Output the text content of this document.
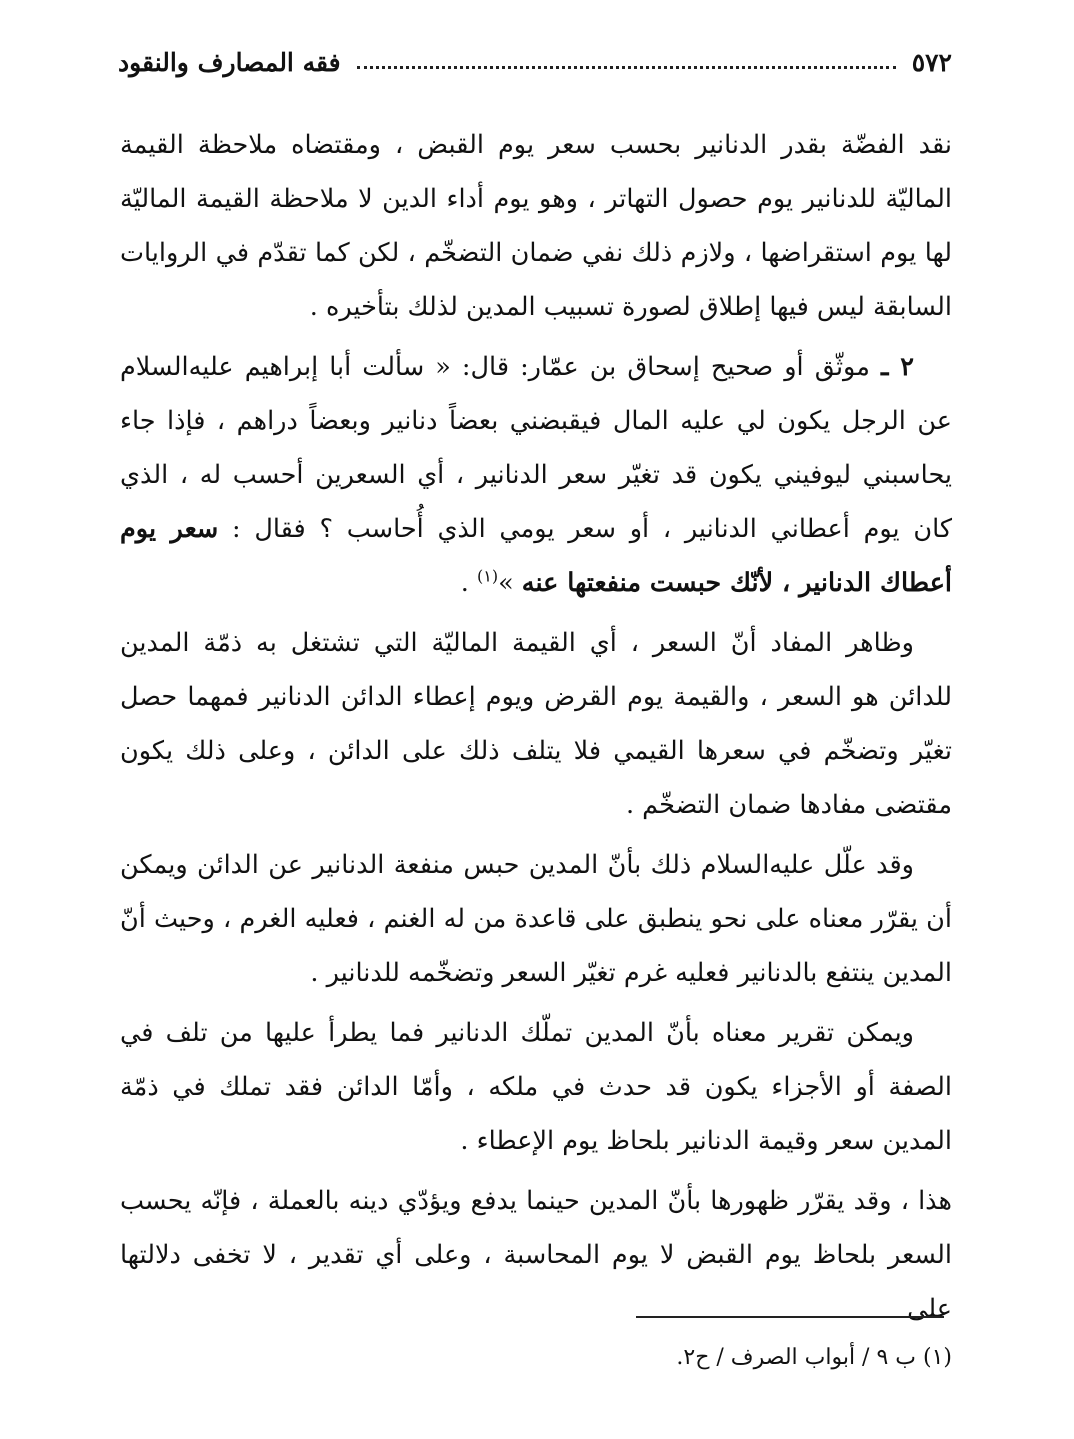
٥٧٢
فقه المصارف والنقود

نقد الفضّة بقدر الدنانير بحسب سعر يوم القبض ، ومقتضاه ملاحظة القيمة الماليّة للدنانير يوم حصول التهاتر ، وهو يوم أداء الدين لا ملاحظة القيمة الماليّة لها يوم استقراضها ، ولازم ذلك نفي ضمان التضخّم ، لكن كما تقدّم في الروايات السابقة ليس فيها إطلاق لصورة تسبيب المدين لذلك بتأخيره .

٢ ـ موثّق أو صحيح إسحاق بن عمّار: قال: « سألت أبا إبراهيم عليه‌السلام عن الرجل يكون لي عليه المال فيقبضني بعضاً دنانير وبعضاً دراهم ، فإذا جاء يحاسبني ليوفيني يكون قد تغيّر سعر الدنانير ، أي السعرين أحسب له ، الذي كان يوم أعطاني الدنانير ، أو سعر يومي الذي أُحاسب ؟ فقال : سعر يوم أعطاك الدنانير ، لأنّك حبست منفعتها عنه »$^{(١)}$ .

وظاهر المفاد أنّ السعر ، أي القيمة الماليّة التي تشتغل به ذمّة المدين للدائن هو السعر ، والقيمة يوم القرض ويوم إعطاء الدائن الدنانير فمهما حصل تغيّر وتضخّم في سعرها القيمي فلا يتلف ذلك على الدائن ، وعلى ذلك يكون مقتضى مفادها ضمان التضخّم .

وقد علّل عليه‌السلام ذلك بأنّ المدين حبس منفعة الدنانير عن الدائن ويمكن أن يقرّر معناه على نحو ينطبق على قاعدة من له الغنم ، فعليه الغرم ، وحيث أنّ المدين ينتفع بالدنانير فعليه غرم تغيّر السعر وتضخّمه للدنانير .

ويمكن تقرير معناه بأنّ المدين تملّك الدنانير فما يطرأ عليها من تلف في الصفة أو الأجزاء يكون قد حدث في ملكه ، وأمّا الدائن فقد تملك في ذمّة المدين سعر وقيمة الدنانير بلحاظ يوم الإعطاء .

هذا ، وقد يقرّر ظهورها بأنّ المدين حينما يدفع ويؤدّي دينه بالعملة ، فإنّه يحسب السعر بلحاظ يوم القبض لا يوم المحاسبة ، وعلى أي تقدير ، لا تخفى دلالتها على

(١) ب ٩ / أبواب الصرف / ح٢.
